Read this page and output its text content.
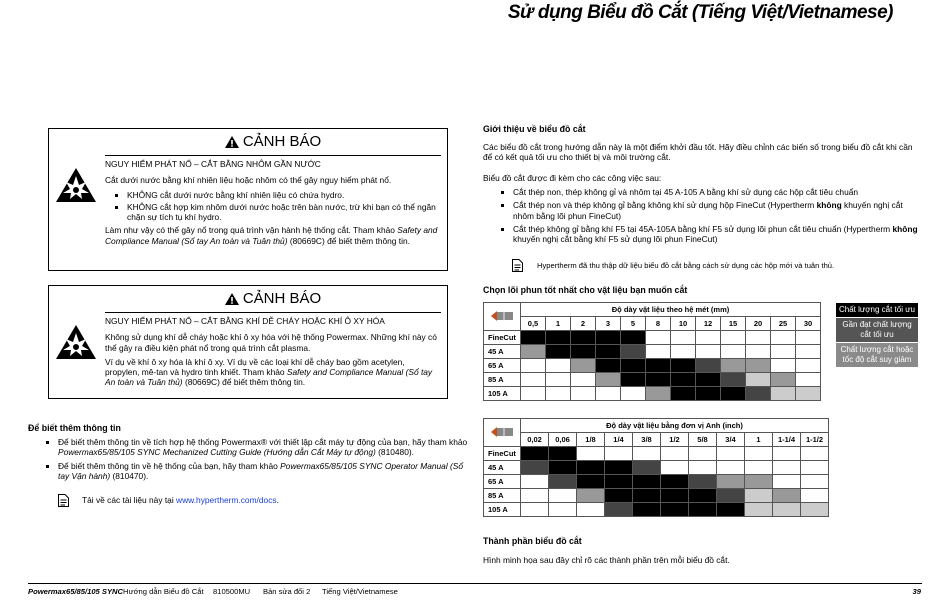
Sử dụng Biểu đồ Cắt (Tiếng Việt/Vietnamese)
CẢNH BÁO

NGUY HIỂM PHÁT NỔ – CẮT BẰNG NHÔM GẦN NƯỚC

Cắt dưới nước bằng khí nhiên liệu hoặc nhôm có thể gây nguy hiểm phát nổ.

▪ KHÔNG cắt dưới nước bằng khí nhiên liệu có chứa hydro.
▪ KHÔNG cắt hợp kim nhôm dưới nước hoặc trên bàn nước, trừ khi bạn có thể ngăn chặn sự tích tụ khí hydro.

Làm như vậy có thể gây nổ trong quá trình vận hành hệ thống cắt. Tham khảo Safety and Compliance Manual (Sổ tay An toàn và Tuân thủ) (80669C) để biết thêm thông tin.

CẢNH BÁO

NGUY HIỂM PHÁT NỔ – CẮT BẰNG KHÍ DỄ CHÁY HOẶC KHÍ Ô XY HÓA

Không sử dụng khí dễ cháy hoặc khí ô xy hóa với hệ thống Powermax. Những khí này có thể gây ra điều kiện phát nổ trong quá trình cắt plasma.

Ví dụ về khí ô xy hóa là khí ô xy. Ví dụ về các loại khí dễ cháy bao gồm acetylen, propylen, mê-tan và hydro tinh khiết. Tham khảo Safety and Compliance Manual (Sổ tay An toàn và Tuân thủ) (80669C) để biết thêm thông tin.

Để biết thêm thông tin
▪ Để biết thêm thông tin về tích hợp hệ thống Powermax® với thiết lập cắt máy tự động của bạn, hãy tham khảo Powermax65/85/105 SYNC Mechanized Cutting Guide (Hướng dẫn Cắt Máy tự động) (810480).
▪ Để biết thêm thông tin về hệ thống của bạn, hãy tham khảo Powermax65/85/105 SYNC Operator Manual (Sổ tay Vận hành) (810470).
Tải về các tài liệu này tại www.hypertherm.com/docs.
Giới thiệu về biểu đồ cắt
Các biểu đồ cắt trong hướng dẫn này là một điểm khởi đầu tốt. Hãy điều chỉnh các biến số trong biểu đồ cắt khi cần để có kết quả tối ưu cho thiết bị và môi trường cắt.
Biểu đồ cắt được đi kèm cho các công việc sau:
▪ Cắt thép non, thép không gỉ và nhôm tại 45 A-105 A bằng khí sử dụng các hộp cắt tiêu chuẩn
▪ Cắt thép non và thép không gỉ bằng không khí sử dụng hộp FineCut (Hypertherm không khuyến nghị cắt nhôm bằng lõi phun FineCut)
▪ Cắt thép không gỉ bằng khí F5 tại 45A-105A bằng khí F5 sử dụng lõi phun cắt tiêu chuẩn (Hypertherm không khuyến nghị cắt bằng khí F5 sử dụng lõi phun FineCut)
Hypertherm đã thu thập dữ liệu biểu đồ cắt bằng cách sử dụng các hộp mới và tuân thủ.
Chọn lõi phun tốt nhất cho vật liệu bạn muốn cắt
	Độ dày vật liệu theo hệ mét (mm)											
	0,5	1	2	3	5	8	10	12	15	20	25	30
FineCut												
45 A												
65 A												
85 A												
105 A												
Chất lượng cắt tối ưu
Gần đạt chất lượng cắt tối ưu
Chất lượng cắt hoặc tốc độ cắt suy giảm
	Độ dày vật liệu bằng đơn vị Anh (inch)										
	0,02	0,06	1/8	1/4	3/8	1/2	5/8	3/4	1	1-1/4	1-1/2
FineCut											
45 A											
65 A											
85 A											
105 A											
Thành phần biểu đồ cắt
Hình minh họa sau đây chỉ rõ các thành phần trên mỗi biểu đồ cắt.
Powermax65/85/105 SYNC Hướng dẫn Biểu đồ Cắt 810500MU Bản sửa đổi 2 Tiếng Việt/Vietnamese	39
